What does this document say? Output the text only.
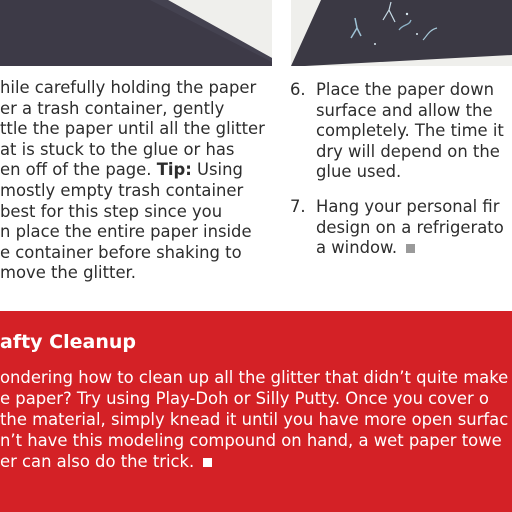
hile carefully holding the paper
er a trash container, gently
ttle the paper until all the glitter
at is stuck to the glue or has
en off of the page. Tip: Using
mostly empty trash container
best for this step since you
n place the entire paper inside
e container before shaking to
move the glitter.
6. Place the paper down
surface and allow the
completely. The time it
dry will depend on the
glue used.
7. Hang your personal fir
design on a refrigerato
a window.
afty Cleanup
ondering how to clean up all the glitter that didn’t quite make
e paper? Try using Play-Doh or Silly Putty. Once you cover o
the material, simply knead it until you have more open surfac
n’t have this modeling compound on hand, a wet paper towe
er can also do the trick.
